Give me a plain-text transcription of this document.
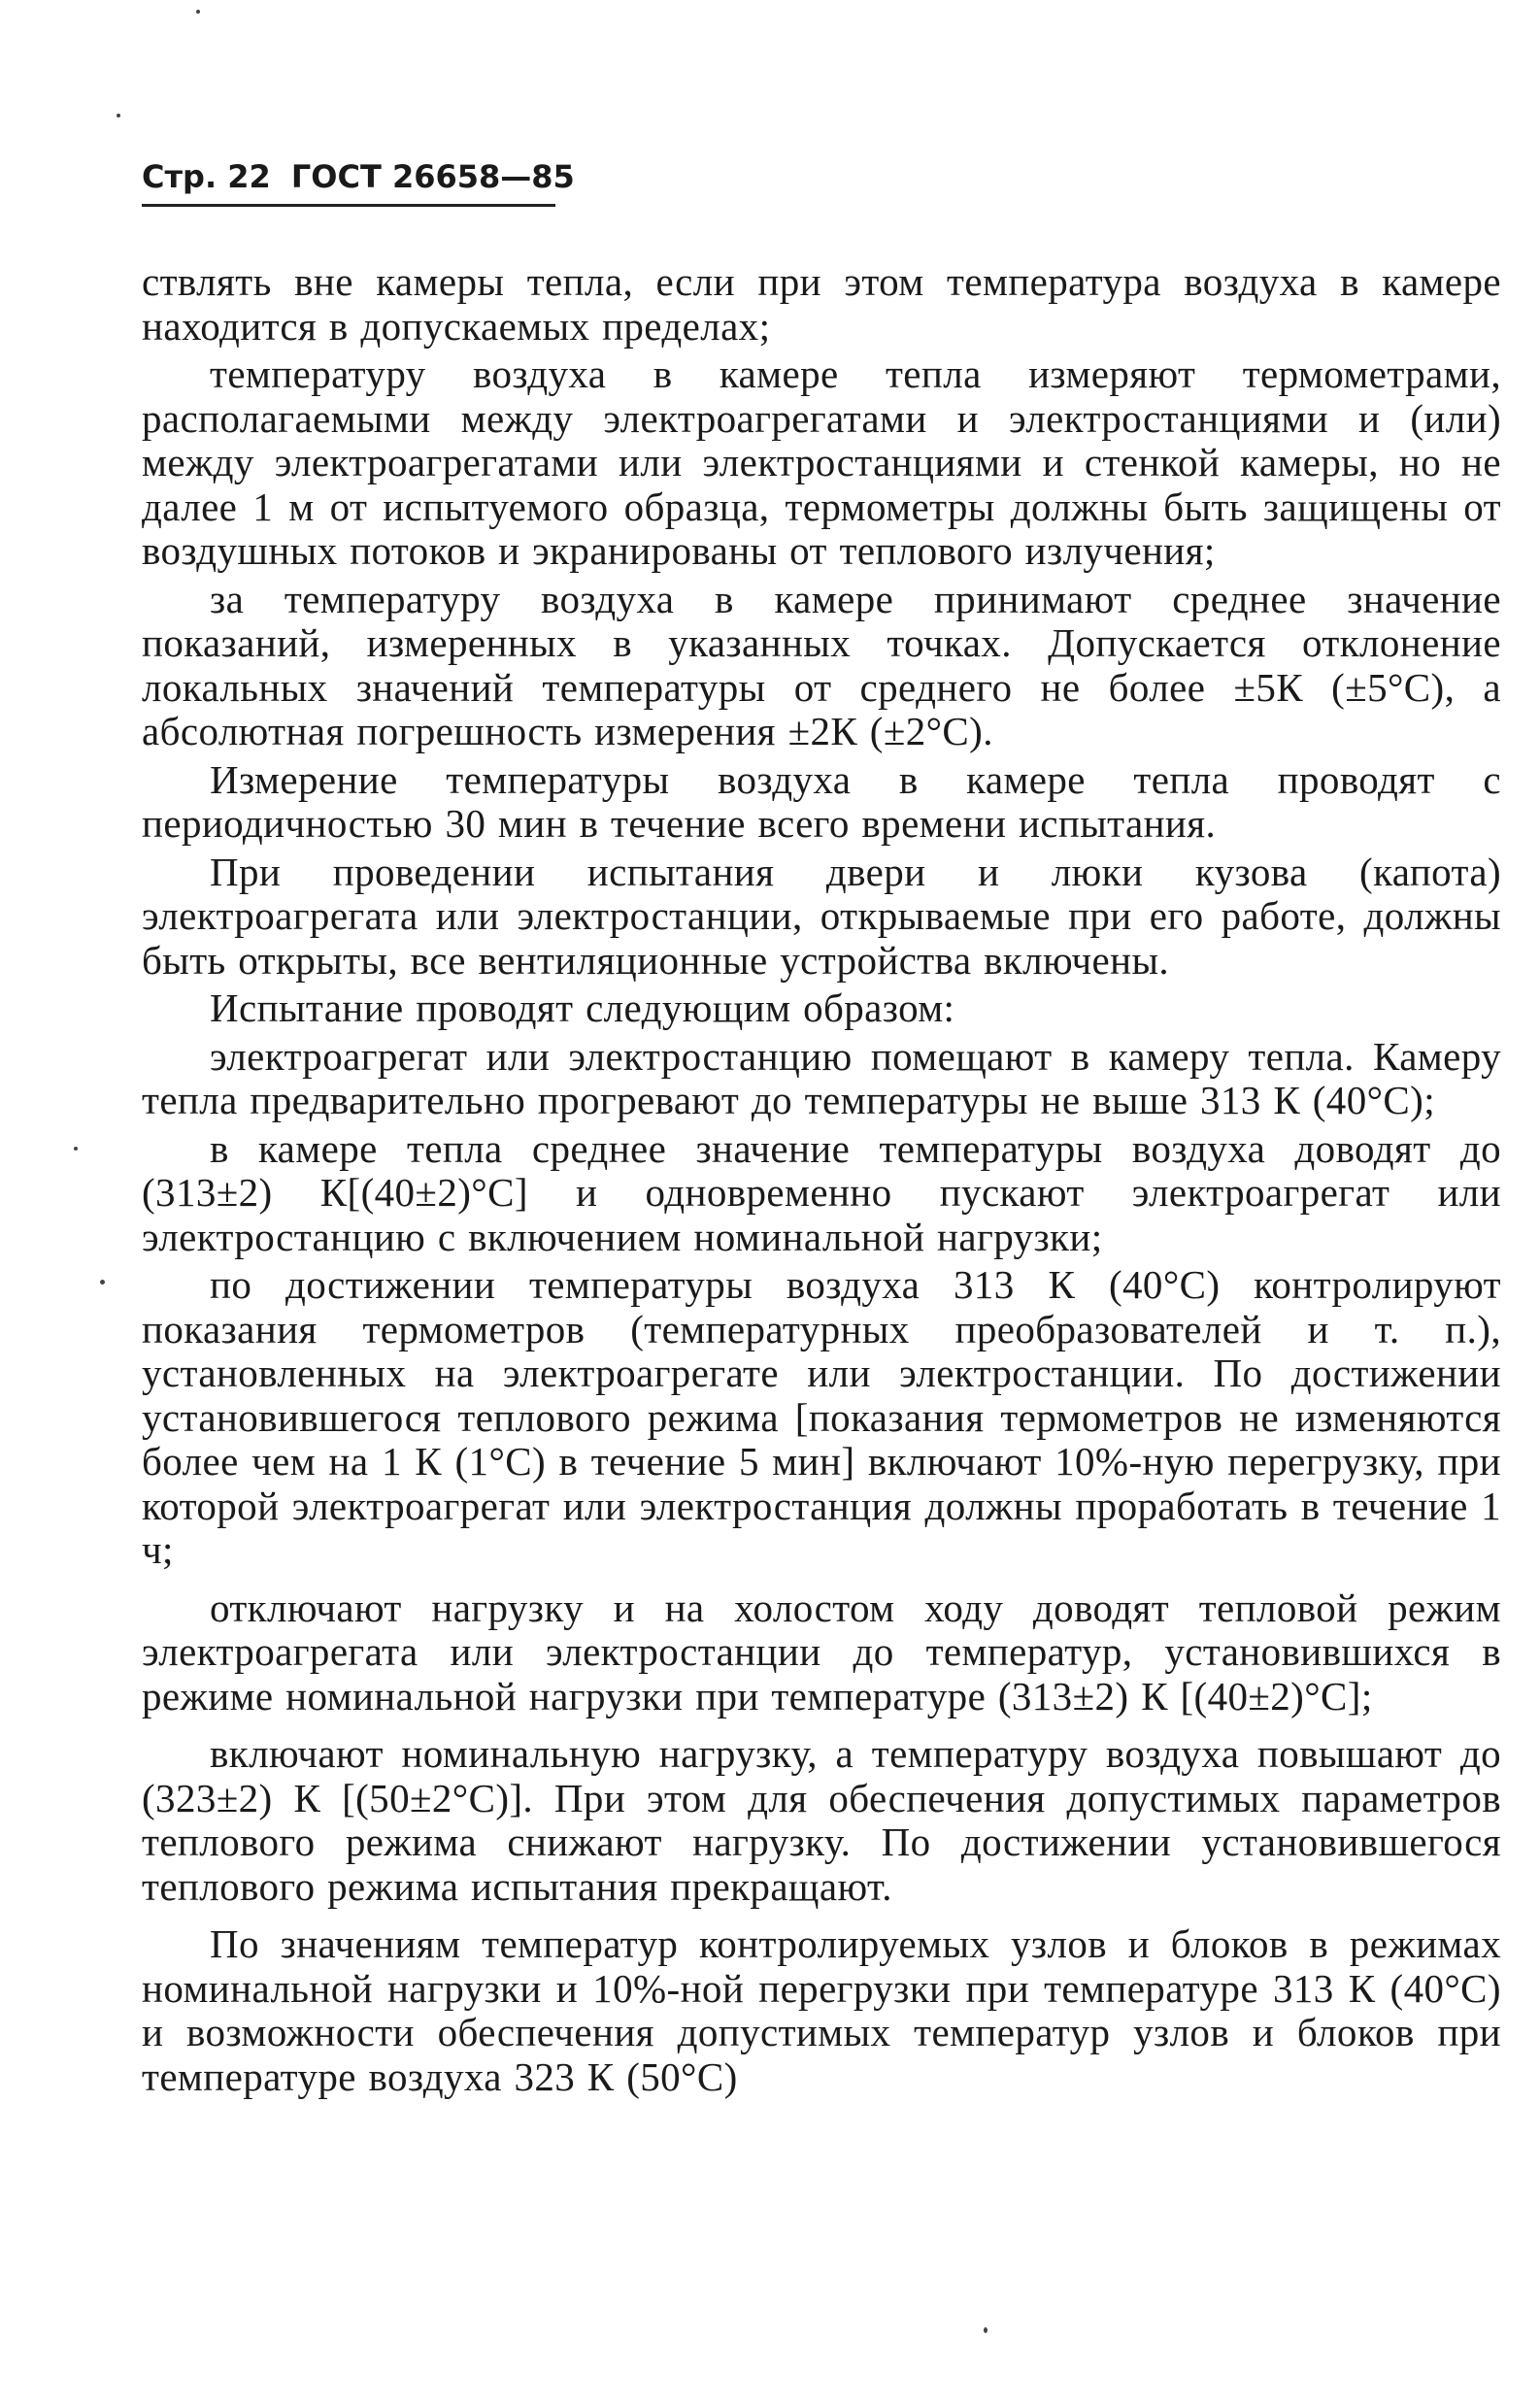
Стр. 22 ГОСТ 26658—85

ствлять вне камеры тепла, если при этом температура воздуха в камере находится в допускаемых пределах;

температуру воздуха в камере тепла измеряют термометрами, располагаемыми между электроагрегатами и электростанциями и (или) между электроагрегатами или электростанциями и стенкой камеры, но не далее 1 м от испытуемого образца, термометры должны быть защищены от воздушных потоков и экранированы от теплового излучения;

за температуру воздуха в камере принимают среднее значение показаний, измеренных в указанных точках. Допускается отклонение локальных значений температуры от среднего не более ±5К (±5°С), а абсолютная погрешность измерения ±2К (±2°С).

Измерение температуры воздуха в камере тепла проводят с периодичностью 30 мин в течение всего времени испытания.

При проведении испытания двери и люки кузова (капота) электроагрегата или электростанции, открываемые при его работе, должны быть открыты, все вентиляционные устройства включены.

Испытание проводят следующим образом:

электроагрегат или электростанцию помещают в камеру тепла. Камеру тепла предварительно прогревают до температуры не выше 313 К (40°С);

в камере тепла среднее значение температуры воздуха доводят до (313±2) К[(40±2)°С] и одновременно пускают электроагрегат или электростанцию с включением номинальной нагрузки;

по достижении температуры воздуха 313 К (40°С) контролируют показания термометров (температурных преобразователей и т. п.), установленных на электроагрегате или электростанции. По достижении установившегося теплового режима [показания термометров не изменяются более чем на 1 К (1°С) в течение 5 мин] включают 10%-ную перегрузку, при которой электроагрегат или электростанция должны проработать в течение 1 ч;

отключают нагрузку и на холостом ходу доводят тепловой режим электроагрегата или электростанции до температур, установившихся в режиме номинальной нагрузки при температуре (313±2) К [(40±2)°С];

включают номинальную нагрузку, а температуру воздуха повышают до (323±2) К [(50±2°С)]. При этом для обеспечения допустимых параметров теплового режима снижают нагрузку. По достижении установившегося теплового режима испытания прекращают.

По значениям температур контролируемых узлов и блоков в режимах номинальной нагрузки и 10%-ной перегрузки при температуре 313 К (40°С) и возможности обеспечения допустимых температур узлов и блоков при температуре воздуха 323 К (50°С)
